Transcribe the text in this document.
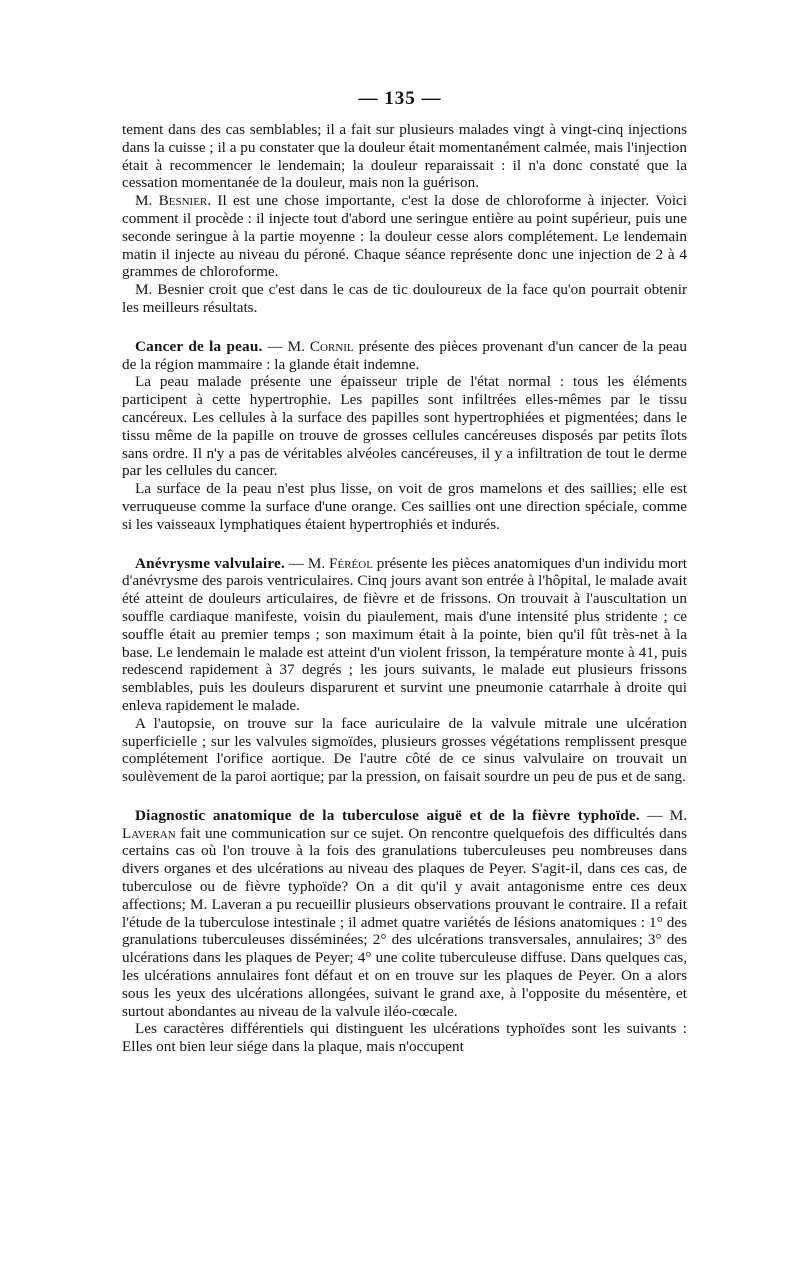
— 135 —

tement dans des cas semblables; il a fait sur plusieurs malades vingt à vingt-cinq injections dans la cuisse ; il a pu constater que la douleur était momentanément calmée, mais l'injection était à recommencer le lendemain; la douleur reparaissait : il n'a donc constaté que la cessation momentanée de la douleur, mais non la guérison.

M. Besnier. Il est une chose importante, c'est la dose de chloroforme à injecter. Voici comment il procède : il injecte tout d'abord une seringue entière au point supérieur, puis une seconde seringue à la partie moyenne : la douleur cesse alors complétement. Le lendemain matin il injecte au niveau du péroné. Chaque séance représente donc une injection de 2 à 4 grammes de chloroforme.

M. Besnier croit que c'est dans le cas de tic douloureux de la face qu'on pourrait obtenir les meilleurs résultats.

Cancer de la peau. — M. Cornil présente des pièces provenant d'un cancer de la peau de la région mammaire : la glande était indemne.

La peau malade présente une épaisseur triple de l'état normal : tous les éléments participent à cette hypertrophie. Les papilles sont infiltrées elles-mêmes par le tissu cancéreux. Les cellules à la surface des papilles sont hypertrophiées et pigmentées; dans le tissu même de la papille on trouve de grosses cellules cancéreuses disposés par petits îlots sans ordre. Il n'y a pas de véritables alvéoles cancéreuses, il y a infiltration de tout le derme par les cellules du cancer.

La surface de la peau n'est plus lisse, on voit de gros mamelons et des saillies; elle est verruqueuse comme la surface d'une orange. Ces saillies ont une direction spéciale, comme si les vaisseaux lymphatiques étaient hypertrophiés et indurés.

Anévrysme valvulaire. — M. Féréol présente les pièces anatomiques d'un individu mort d'anévrysme des parois ventriculaires. Cinq jours avant son entrée à l'hôpital, le malade avait été atteint de douleurs articulaires, de fièvre et de frissons. On trouvait à l'auscultation un souffle cardiaque manifeste, voisin du piaulement, mais d'une intensité plus stridente ; ce souffle était au premier temps ; son maximum était à la pointe, bien qu'il fût très-net à la base. Le lendemain le malade est atteint d'un violent frisson, la température monte à 41, puis redescend rapidement à 37 degrés ; les jours suivants, le malade eut plusieurs frissons semblables, puis les douleurs disparurent et survint une pneumonie catarrhale à droite qui enleva rapidement le malade.

A l'autopsie, on trouve sur la face auriculaire de la valvule mitrale une ulcération superficielle ; sur les valvules sigmoïdes, plusieurs grosses végétations remplissent presque complétement l'orifice aortique. De l'autre côté de ce sinus valvulaire on trouvait un soulèvement de la paroi aortique; par la pression, on faisait sourdre un peu de pus et de sang.

Diagnostic anatomique de la tuberculose aiguë et de la fièvre typhoïde. — M. Laveran fait une communication sur ce sujet. On rencontre quelquefois des difficultés dans certains cas où l'on trouve à la fois des granulations tuberculeuses peu nombreuses dans divers organes et des ulcérations au niveau des plaques de Peyer. S'agit-il, dans ces cas, de tuberculose ou de fièvre typhoïde? On a dit qu'il y avait antagonisme entre ces deux affections; M. Laveran a pu recueillir plusieurs observations prouvant le contraire. Il a refait l'étude de la tuberculose intestinale ; il admet quatre variétés de lésions anatomiques : 1° des granulations tuberculeuses disséminées; 2° des ulcérations transversales, annulaires; 3° des ulcérations dans les plaques de Peyer; 4° une colite tuberculeuse diffuse. Dans quelques cas, les ulcérations annulaires font défaut et on en trouve sur les plaques de Peyer. On a alors sous les yeux des ulcérations allongées, suivant le grand axe, à l'opposite du mésentère, et surtout abondantes au niveau de la valvule iléo-cœcale.

Les caractères différentiels qui distinguent les ulcérations typhoïdes sont les suivants : Elles ont bien leur siége dans la plaque, mais n'occupent
